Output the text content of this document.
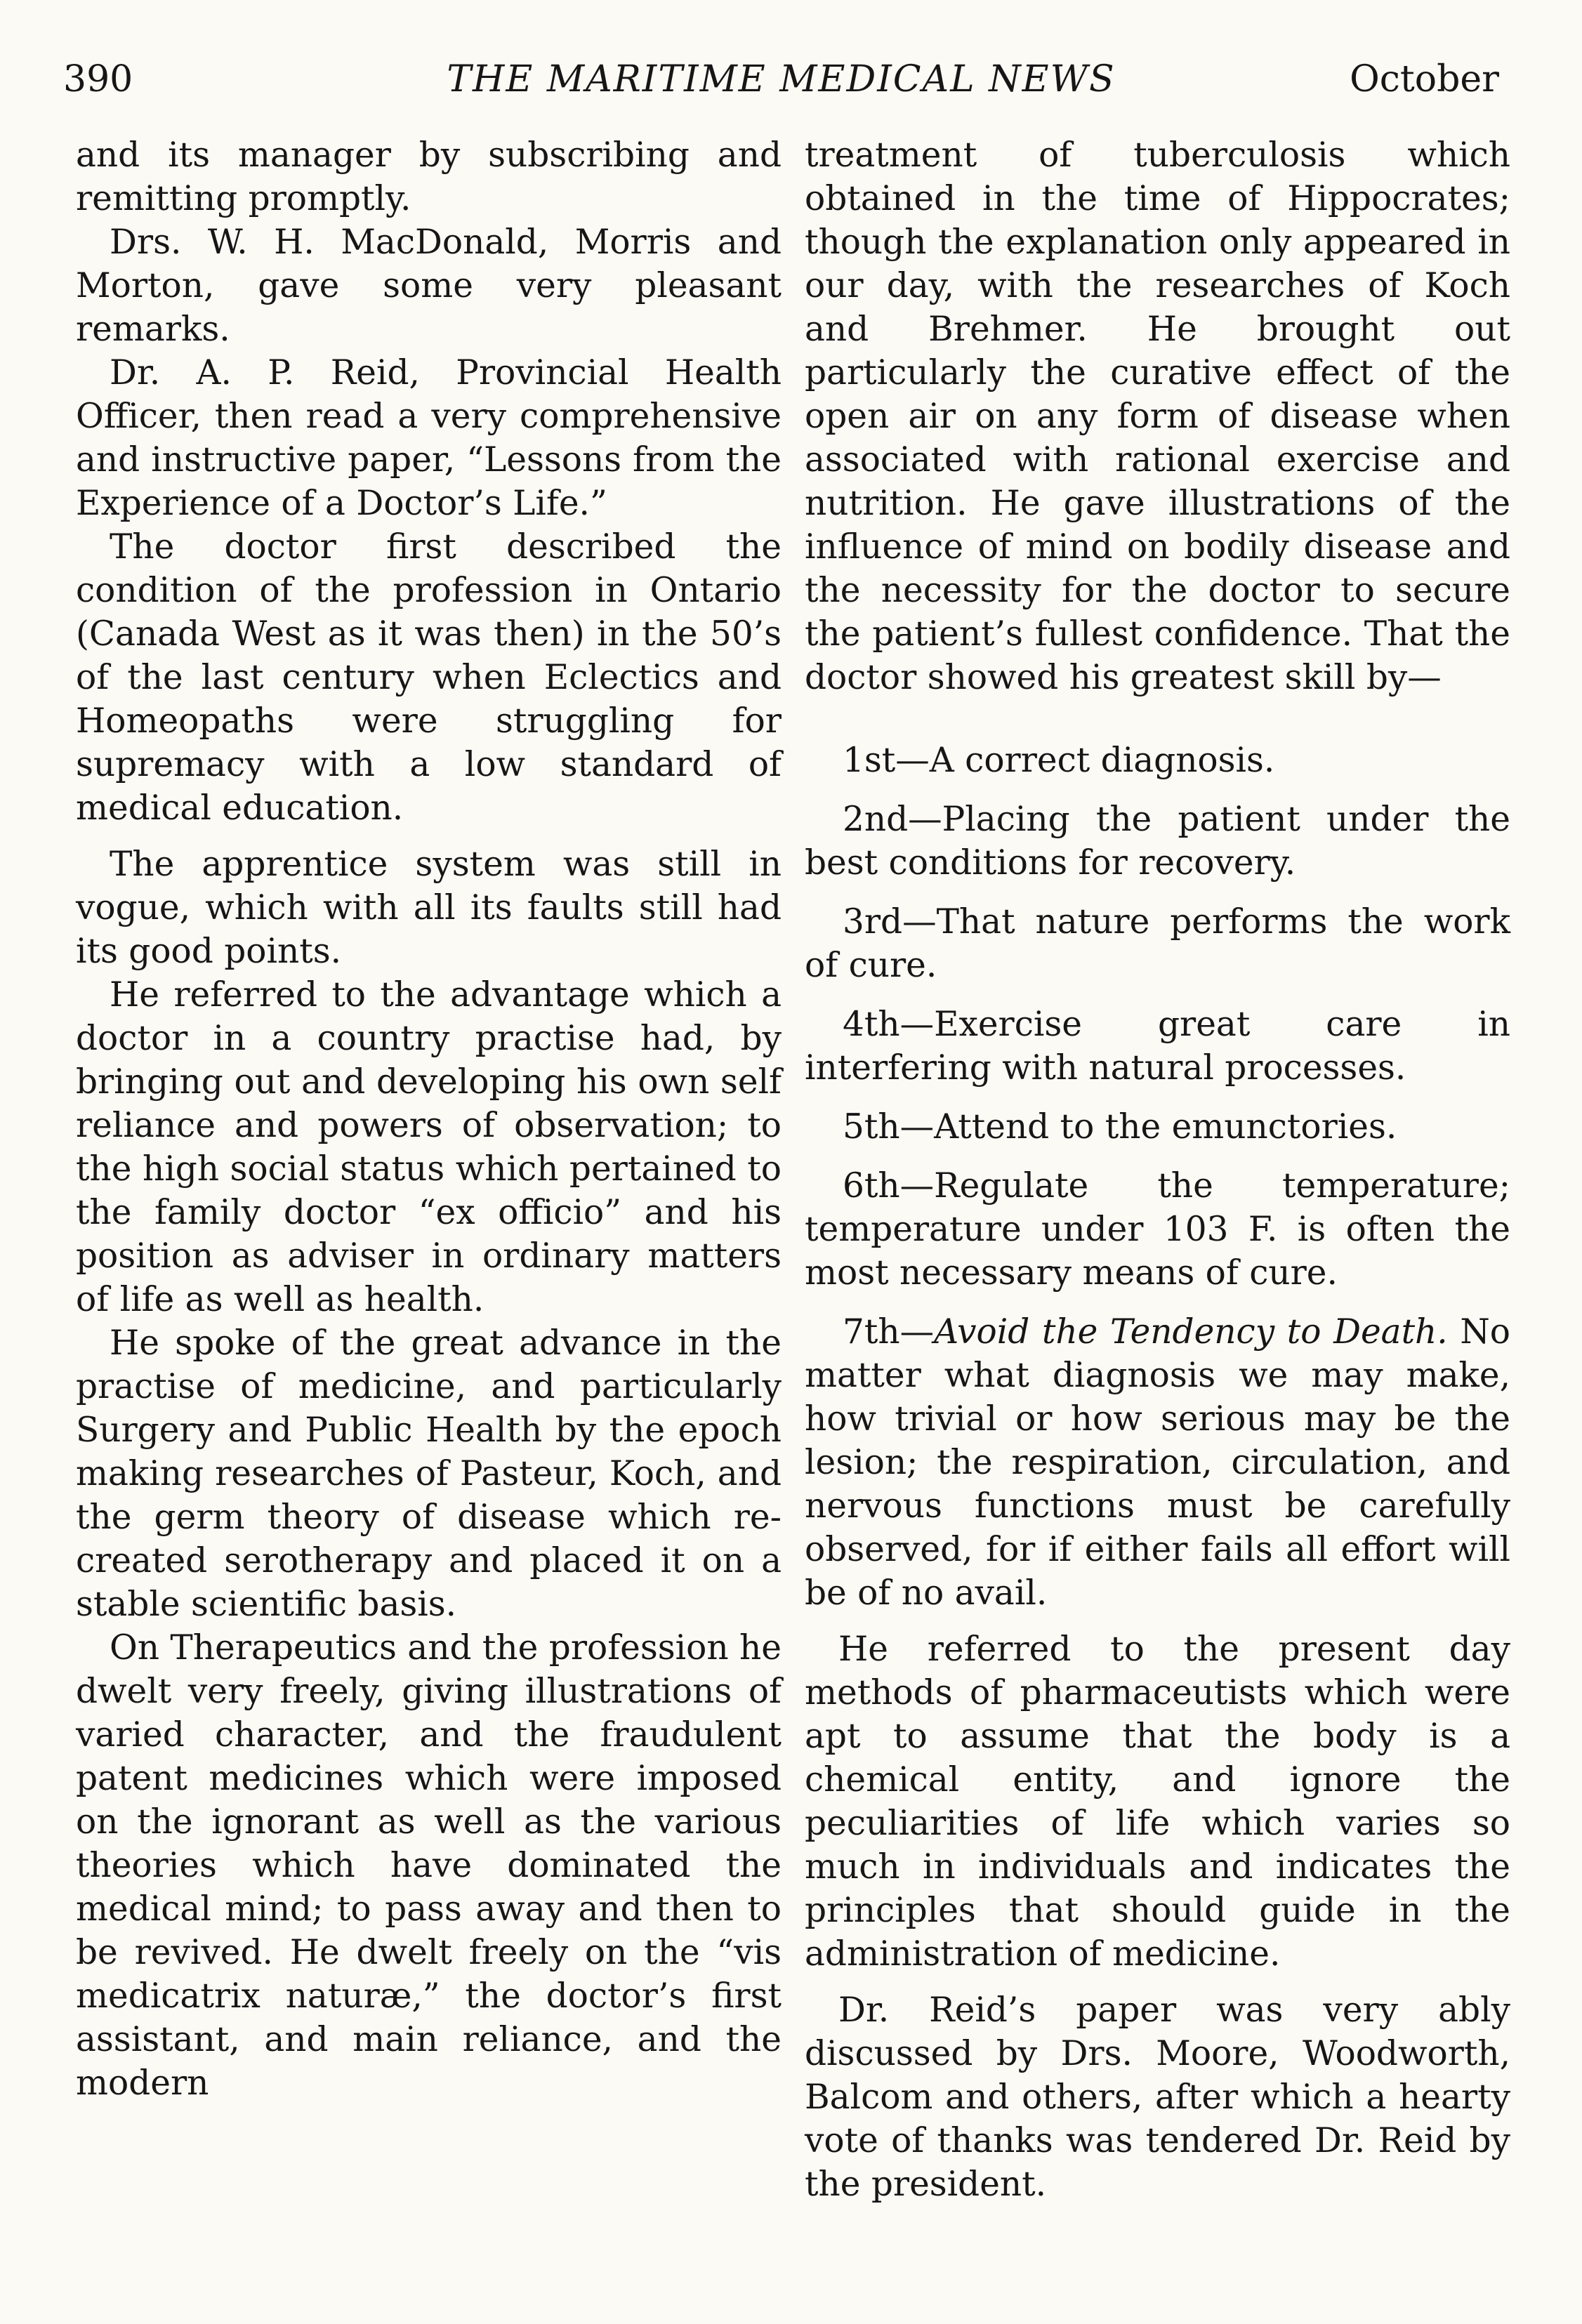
390	THE MARITIME MEDICAL NEWS	October

and its manager by subscribing and remitting promptly.

Drs. W. H. MacDonald, Morris and Morton, gave some very pleasant remarks.

Dr. A. P. Reid, Provincial Health Officer, then read a very comprehensive and instructive paper, “Lessons from the Experience of a Doctor’s Life.”

The doctor first described the condition of the profession in Ontario (Canada West as it was then) in the 50’s of the last century when Eclectics and Homeopaths were struggling for supremacy with a low standard of medical education.

The apprentice system was still in vogue, which with all its faults still had its good points.

He referred to the advantage which a doctor in a country practise had, by bringing out and developing his own self reliance and powers of observation; to the high social status which pertained to the family doctor “ex officio” and his position as adviser in ordinary matters of life as well as health.

He spoke of the great advance in the practise of medicine, and particularly Surgery and Public Health by the epoch making researches of Pasteur, Koch, and the germ theory of disease which re-created serotherapy and placed it on a stable scientific basis.

On Therapeutics and the profession he dwelt very freely, giving illustrations of varied character, and the fraudulent patent medicines which were imposed on the ignorant as well as the various theories which have dominated the medical mind; to pass away and then to be revived. He dwelt freely on the “vis medicatrix naturæ,” the doctor’s first assistant, and main reliance, and the modern

treatment of tuberculosis which obtained in the time of Hippocrates; though the explanation only appeared in our day, with the researches of Koch and Brehmer. He brought out particularly the curative effect of the open air on any form of disease when associated with rational exercise and nutrition. He gave illustrations of the influence of mind on bodily disease and the necessity for the doctor to secure the patient’s fullest confidence. That the doctor showed his greatest skill by—

1st—A correct diagnosis.

2nd—Placing the patient under the best conditions for recovery.

3rd—That nature performs the work of cure.

4th—Exercise great care in interfering with natural processes.

5th—Attend to the emunctories.

6th—Regulate the temperature; temperature under 103 F. is often the most necessary means of cure.

7th—Avoid the Tendency to Death. No matter what diagnosis we may make, how trivial or how serious may be the lesion; the respiration, circulation, and nervous functions must be carefully observed, for if either fails all effort will be of no avail.

He referred to the present day methods of pharmaceutists which were apt to assume that the body is a chemical entity, and ignore the peculiarities of life which varies so much in individuals and indicates the principles that should guide in the administration of medicine.

Dr. Reid’s paper was very ably discussed by Drs. Moore, Woodworth, Balcom and others, after which a hearty vote of thanks was tendered Dr. Reid by the president.
